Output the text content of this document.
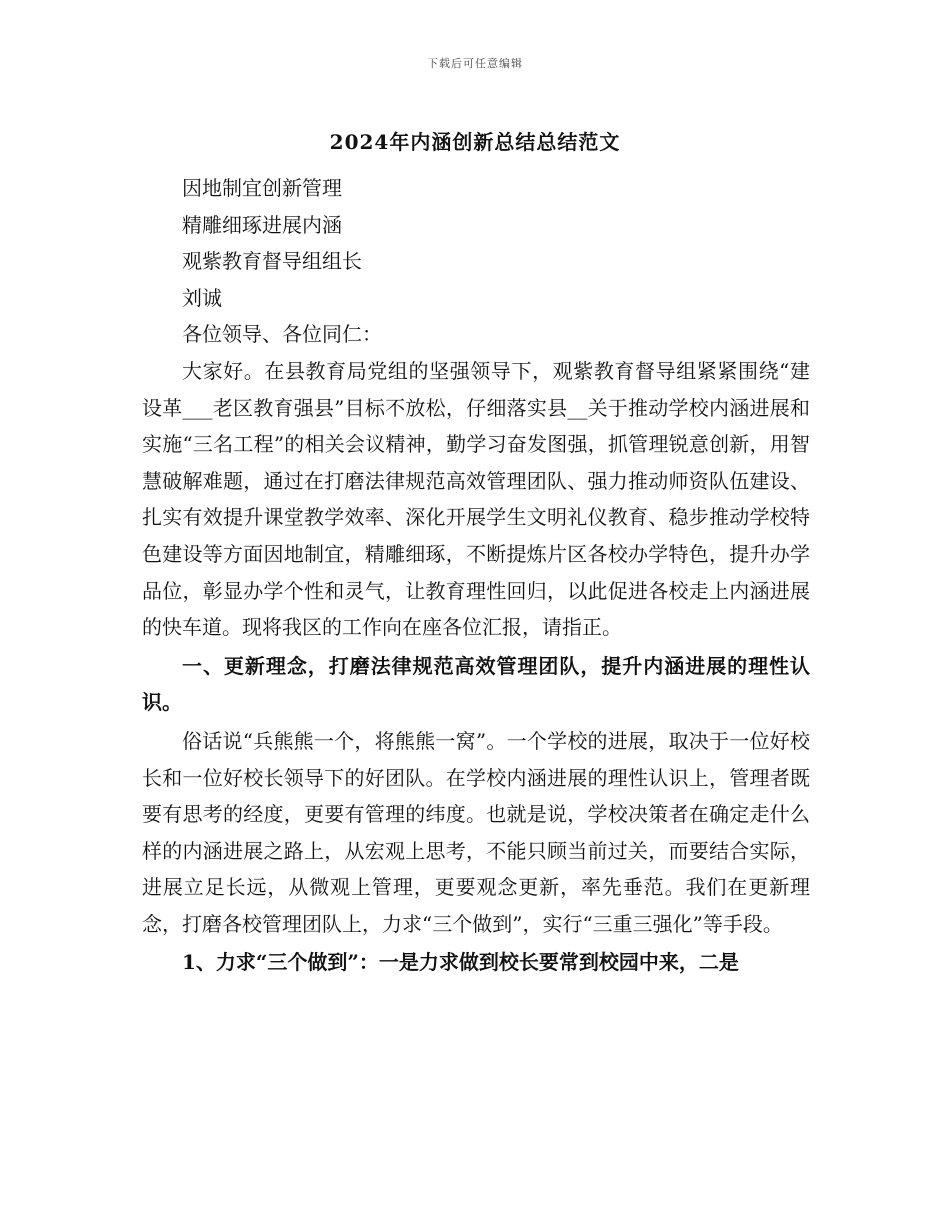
下载后可任意编辑
2024年内涵创新总结总结范文

因地制宜创新管理

精雕细琢进展内涵

观紫教育督导组组长

刘诚

各位领导、各位同仁：

大家好。在县教育局党组的坚强领导下，观紫教育督导组紧紧围绕“建设革___老区教育强县”目标不放松，仔细落实县__关于推动学校内涵进展和实施“三名工程”的相关会议精神，勤学习奋发图强，抓管理锐意创新，用智慧破解难题，通过在打磨法律规范高效管理团队、强力推动师资队伍建设、扎实有效提升课堂教学效率、深化开展学生文明礼仪教育、稳步推动学校特色建设等方面因地制宜，精雕细琢，不断提炼片区各校办学特色，提升办学品位，彰显办学个性和灵气，让教育理性回归，以此促进各校走上内涵进展的快车道。现将我区的工作向在座各位汇报，请指正。

一、更新理念，打磨法律规范高效管理团队，提升内涵进展的理性认识。

俗话说“兵熊熊一个，将熊熊一窝”。一个学校的进展，取决于一位好校长和一位好校长领导下的好团队。在学校内涵进展的理性认识上，管理者既要有思考的经度，更要有管理的纬度。也就是说，学校决策者在确定走什么样的内涵进展之路上，从宏观上思考，不能只顾当前过关，而要结合实际，进展立足长远，从微观上管理，更要观念更新，率先垂范。我们在更新理念，打磨各校管理团队上，力求“三个做到”，实行“三重三强化”等手段。

1、力求“三个做到”：一是力求做到校长要常到校园中来，二是
